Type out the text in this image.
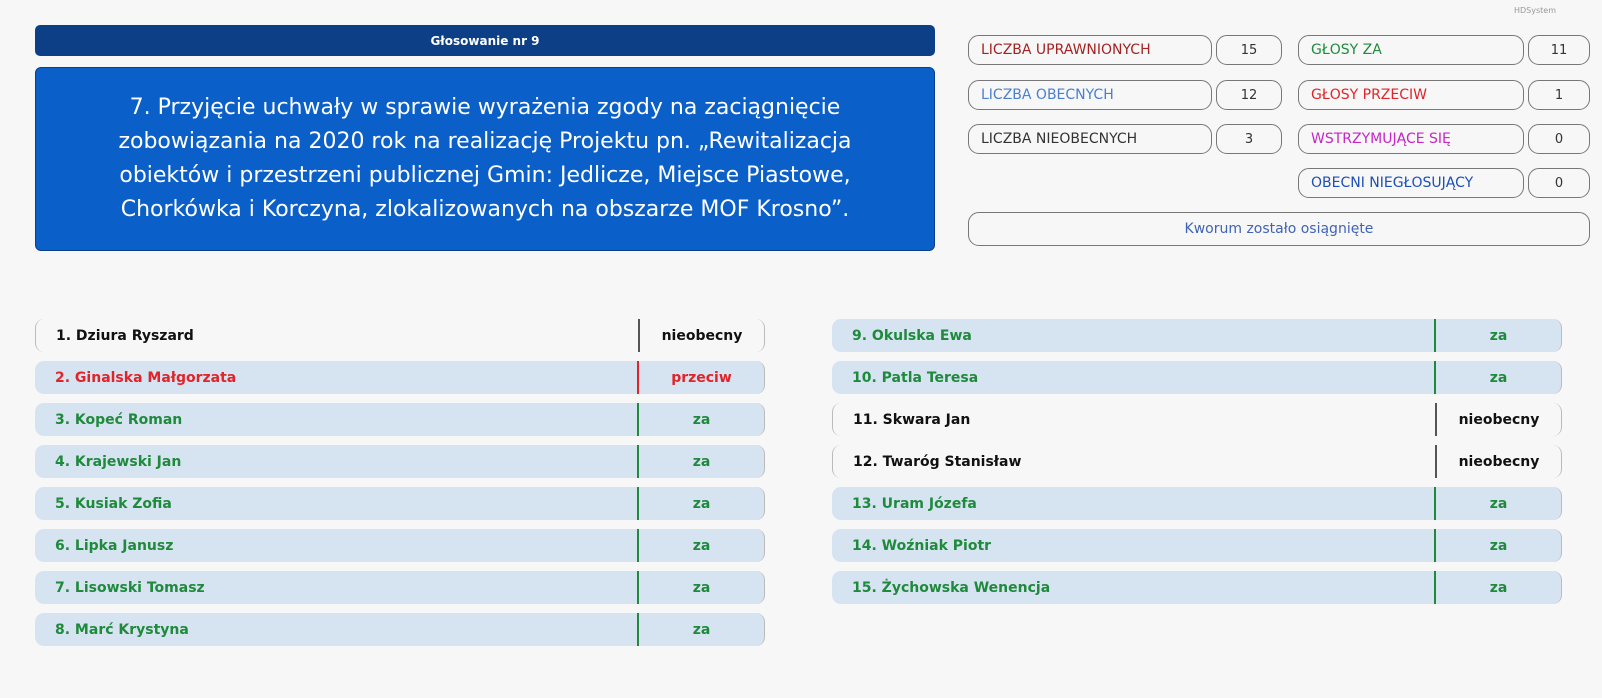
HDSystem
Głosowanie nr 9
7. Przyjęcie uchwały w sprawie wyrażenia zgody na zaciągnięcie zobowiązania na 2020 rok na realizację Projektu pn. „Rewitalizacja obiektów i przestrzeni publicznej Gmin: Jedlicze, Miejsce Piastowe, Chorkówka i Korczyna, zlokalizowanych na obszarze MOF Krosno”.
LICZBA UPRAWNIONYCH	15
LICZBA OBECNYCH	12
LICZBA NIEOBECNYCH	3
GŁOSY ZA	11
GŁOSY PRZECIW	1
WSTRZYMUJĄCE SIĘ	0
OBECNI NIEGŁOSUJĄCY	0
Kworum zostało osiągnięte
1. Dziura Ryszard	nieobecny
2. Ginalska Małgorzata	przeciw
3. Kopeć Roman	za
4. Krajewski Jan	za
5. Kusiak Zofia	za
6. Lipka Janusz	za
7. Lisowski Tomasz	za
8. Marć Krystyna	za
9. Okulska Ewa	za
10. Patla Teresa	za
11. Skwara Jan	nieobecny
12. Twaróg Stanisław	nieobecny
13. Uram Józefa	za
14. Woźniak Piotr	za
15. Żychowska Wenencja	za
